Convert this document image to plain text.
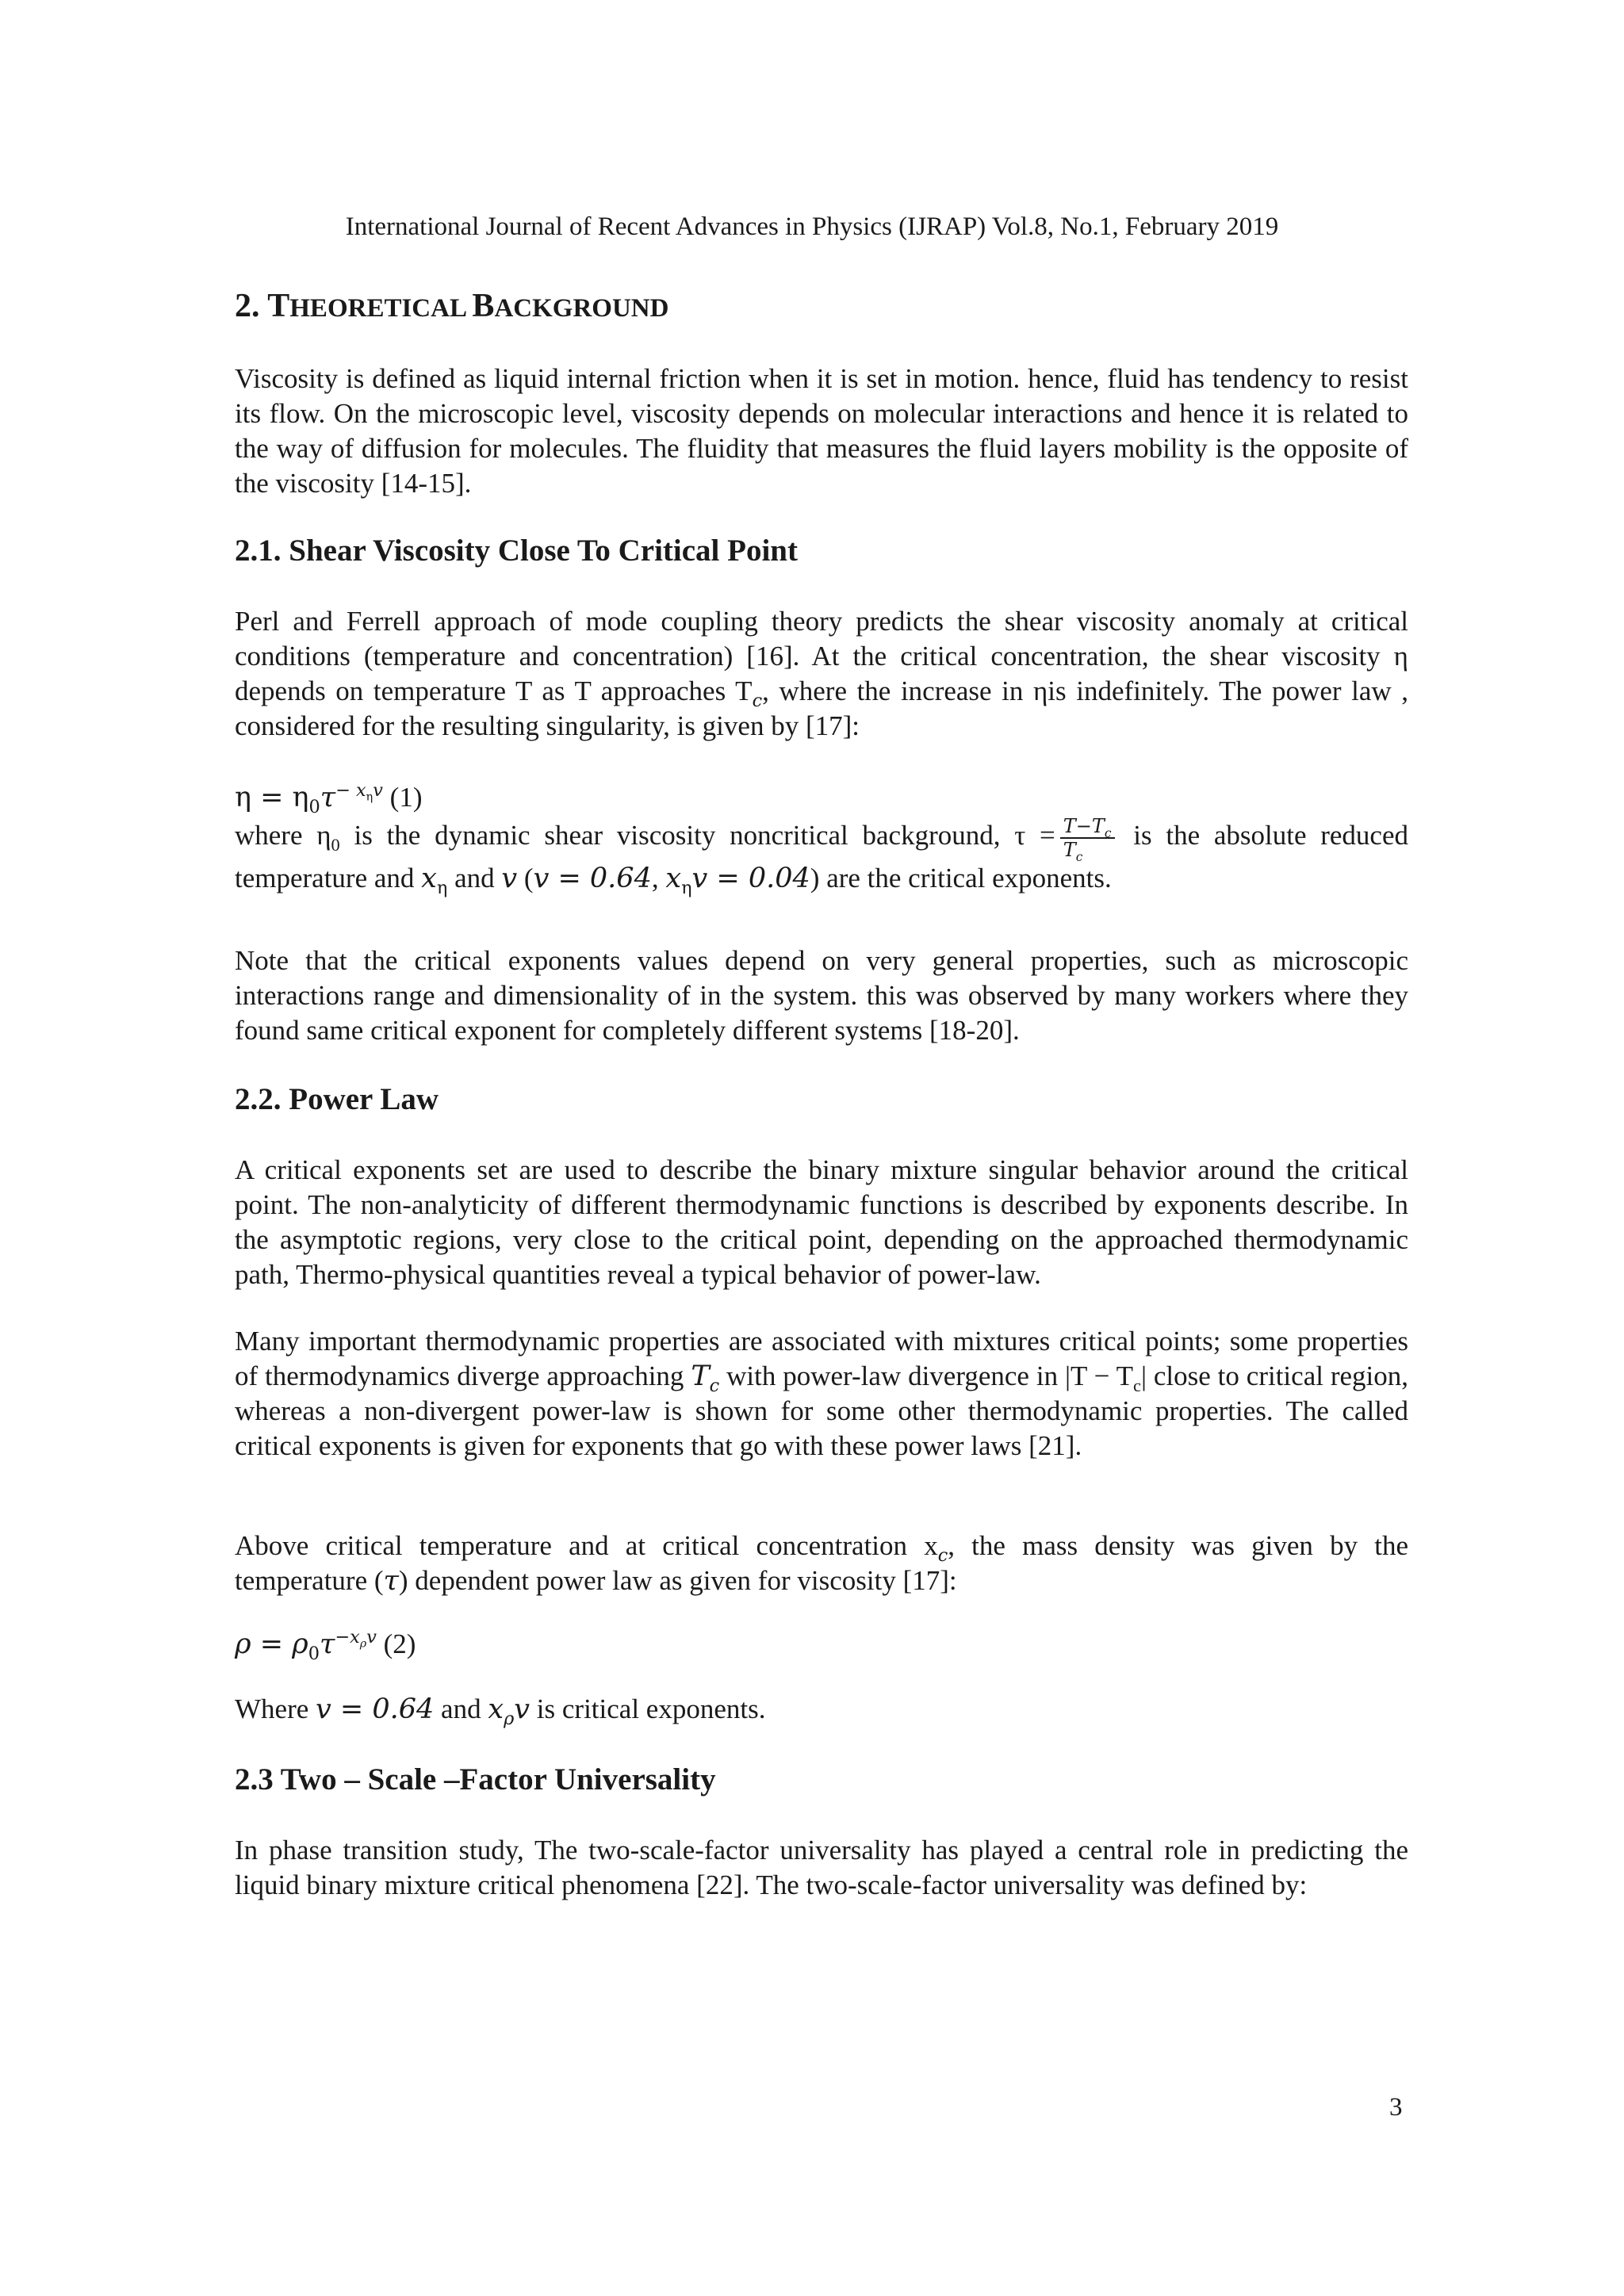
International Journal of Recent Advances in Physics (IJRAP) Vol.8, No.1, February 2019
2. THEORETICAL BACKGROUND

Viscosity is defined as liquid internal friction when it is set in motion. hence, fluid has tendency to resist its flow. On the microscopic level, viscosity depends on molecular interactions and hence it is related to the way of diffusion for molecules. The fluidity that measures the fluid layers mobility is the opposite of the viscosity [14-15].

2.1. Shear Viscosity Close To Critical Point

Perl and Ferrell approach of mode coupling theory predicts the shear viscosity anomaly at critical conditions (temperature and concentration) [16]. At the critical concentration, the shear viscosity η depends on temperature T as T approaches $T_c$, where the increase in ηis indefinitely. The power law , considered for the resulting singularity, is given by [17]:

$\eta = \eta_0\tau^{- x_\eta v}$ (1)

where $\eta_0$ is the dynamic shear viscosity noncritical background, $\tau = \frac{T-T_c}{T_c}$ is the absolute reduced temperature and $x_\eta$ and v (v = 0.64, $x_\eta v = 0.04$) are the critical exponents.

Note that the critical exponents values depend on very general properties, such as microscopic interactions range and dimensionality of in the system. this was observed by many workers where they found same critical exponent for completely different systems [18-20].

2.2. Power Law

A critical exponents set are used to describe the binary mixture singular behavior around the critical point. The non-analyticity of different thermodynamic functions is described by exponents describe. In the asymptotic regions, very close to the critical point, depending on the approached thermodynamic path, Thermo-physical quantities reveal a typical behavior of power-law.

Many important thermodynamic properties are associated with mixtures critical points; some properties of thermodynamics diverge approaching $T_c$ with power-law divergence in $|T - T_c|$ close to critical region, whereas a non-divergent power-law is shown for some other thermodynamic properties. The called critical exponents is given for exponents that go with these power laws [21].

Above critical temperature and at critical concentration $x_c$, the mass density was given by the temperature (τ) dependent power law as given for viscosity [17]:

$\rho = \rho_0\tau^{-x_\rho v}$ (2)

Where v = 0.64 and $x_\rho v$ is critical exponents.

2.3 Two – Scale –Factor Universality

In phase transition study, The two-scale-factor universality has played a central role in predicting the liquid binary mixture critical phenomena [22]. The two-scale-factor universality was defined by:

3
